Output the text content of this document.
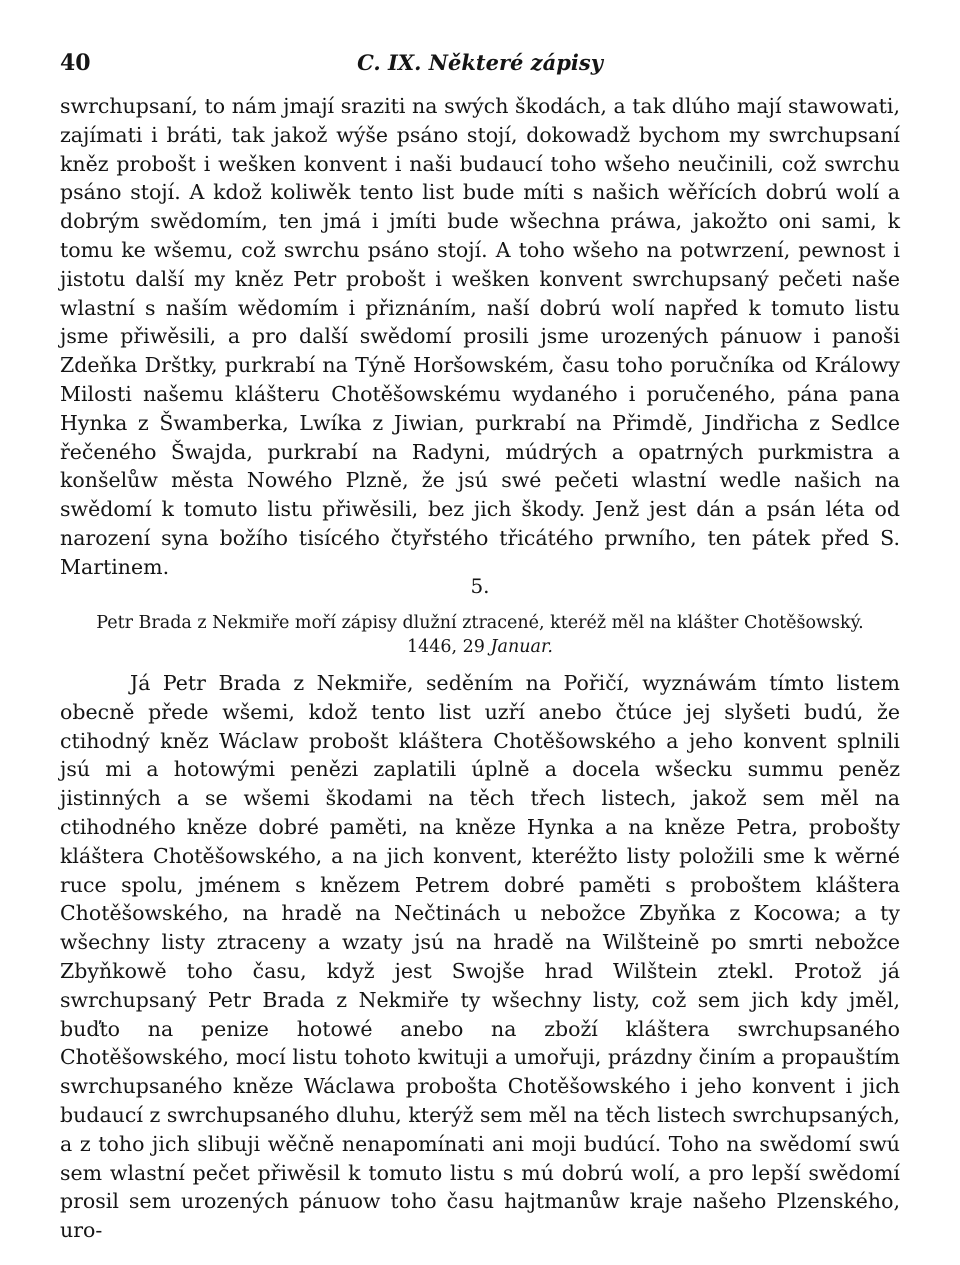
40	C. IX. Některé zápisy

swrchupsaní, to nám jmají sraziti na swých škodách, a tak dlúho mají stawowati, zajímati i bráti, tak jakož wýše psáno stojí, dokowadž bychom my swrchupsaní kněz probošt i wešken konvent i naši budaucí toho wšeho neučinili, což swrchu psáno stojí. A kdož koliwěk tento list bude míti s našich wěřících dobrú wolí a dobrým swědomím, ten jmá i jmíti bude wšechna práwa, jakožto oni sami, k tomu ke wšemu, což swrchu psáno stojí. A toho wšeho na potwrzení, pewnost i jistotu další my kněz Petr probošt i wešken konvent swrchupsaný pečeti naše wlastní s naším wědomím i přiznáním, naší dobrú wolí napřed k tomuto listu jsme přiwěsili, a pro další swědomí prosili jsme urozených pánuow i panoši Zdeňka Drštky, purkrabí na Týně Horšowském, času toho poručníka od Králowy Milosti našemu klášteru Chotěšowskému wydaného i poručeného, pána pana Hynka z Šwamberka, Lwíka z Jiwian, purkrabí na Přimdě, Jindřicha z Sedlce řečeného Šwajda, purkrabí na Radyni, múdrých a opatrných purkmistra a konšelůw města Nowého Plzně, že jsú swé pečeti wlastní wedle našich na swědomí k tomuto listu přiwěsili, bez jich škody. Jenž jest dán a psán léta od narození syna božího tisícého čtyřstého třicátého prwního, ten pátek před S. Martinem.

5.
Petr Brada z Nekmiře moří zápisy dlužní ztracené, kteréž měl na klášter Chotěšowský.
1446, 29 Januar.

Já Petr Brada z Nekmiře, seděním na Pořičí, wyznáwám tímto listem obecně přede wšemi, kdož tento list uzří anebo čtúce jej slyšeti budú, že ctihodný kněz Wáclaw probošt kláštera Chotěšowského a jeho konvent splnili jsú mi a hotowými penězi zaplatili úplně a docela wšecku summu peněz jistinných a se wšemi škodami na těch třech listech, jakož sem měl na ctihodného kněze dobré paměti, na kněze Hynka a na kněze Petra, probošty kláštera Chotěšowského, a na jich konvent, kteréžto listy položili sme k wěrné ruce spolu, jménem s knězem Petrem dobré paměti s proboštem kláštera Chotěšowského, na hradě na Nečtinách u nebožce Zbyňka z Kocowa; a ty wšechny listy ztraceny a wzaty jsú na hradě na Wilšteině po smrti nebožce Zbyňkowě toho času, když jest Swojše hrad Wilštein ztekl. Protož já swrchupsaný Petr Brada z Nekmiře ty wšechny listy, což sem jich kdy jměl, buďto na penize hotowé anebo na zboží kláštera swrchupsaného Chotěšowského, mocí listu tohoto kwituji a umořuji, prázdny činím a propauštím swrchupsaného kněze Wáclawa probošta Chotěšowského i jeho konvent i jich budaucí z swrchupsaného dluhu, kterýž sem měl na těch listech swrchupsaných, a z toho jich slibuji wěčně nenapomínati ani moji budúcí. Toho na swědomí swú sem wlastní pečet přiwěsil k tomuto listu s mú dobrú wolí, a pro lepší swědomí prosil sem urozených pánuow toho času hajtmanůw kraje našeho Plzenského, uro-
